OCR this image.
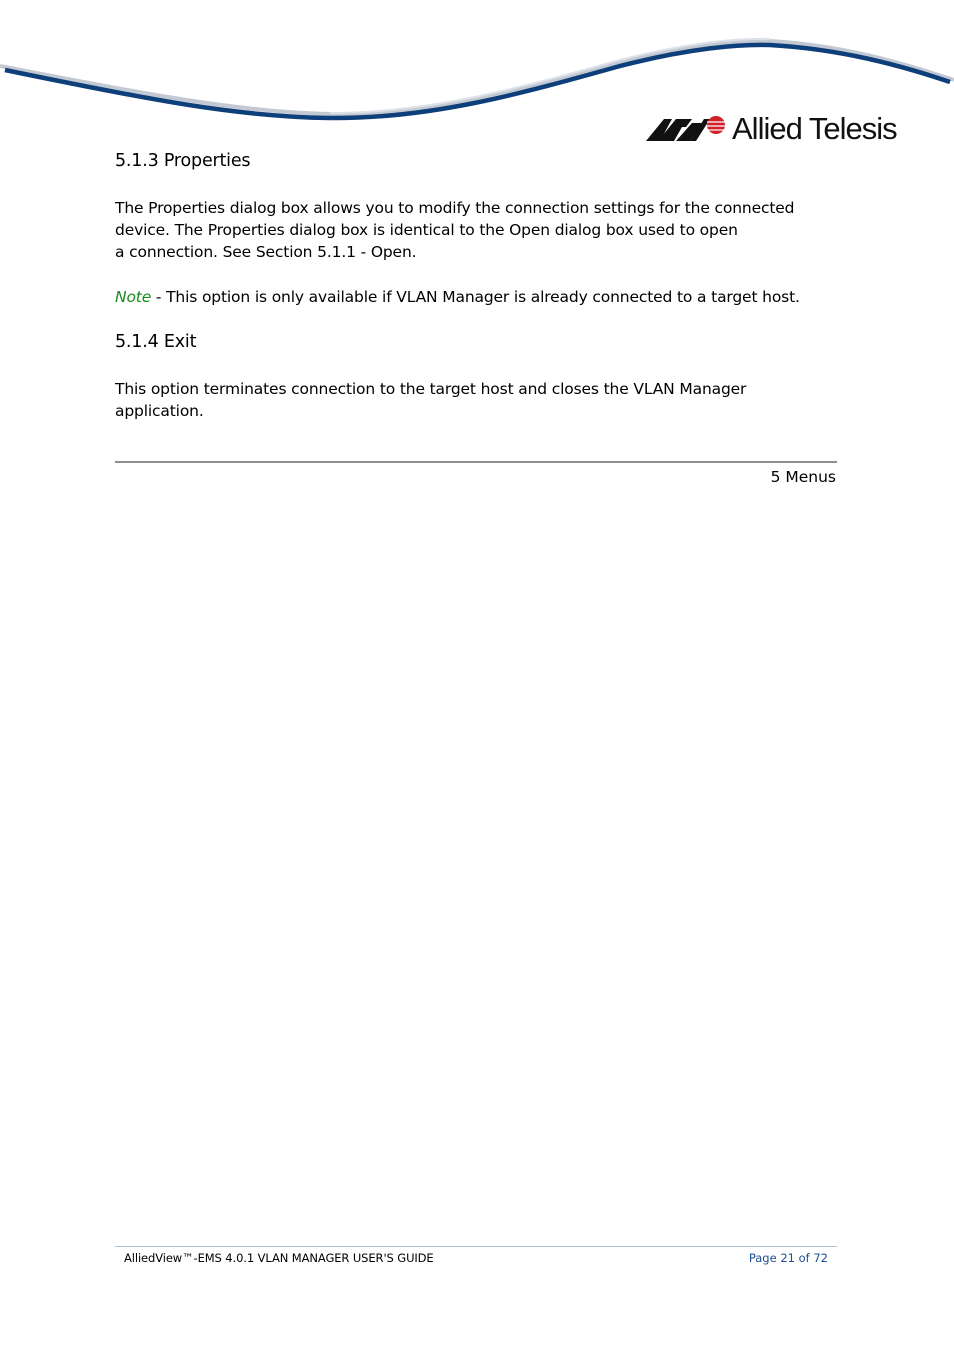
Allied Telesis
5.1.3 Properties

The Properties dialog box allows you to modify the connection settings for the connected

device. The Properties dialog box is identical to the Open dialog box used to open

a connection. See Section 5.1.1 - Open.

Note - This option is only available if VLAN Manager is already connected to a target host.

5.1.4 Exit

This option terminates connection to the target host and closes the VLAN Manager

application.

5 Menus
AlliedView™-EMS 4.0.1 VLAN MANAGER USER'S GUIDE	Page 21 of 72
